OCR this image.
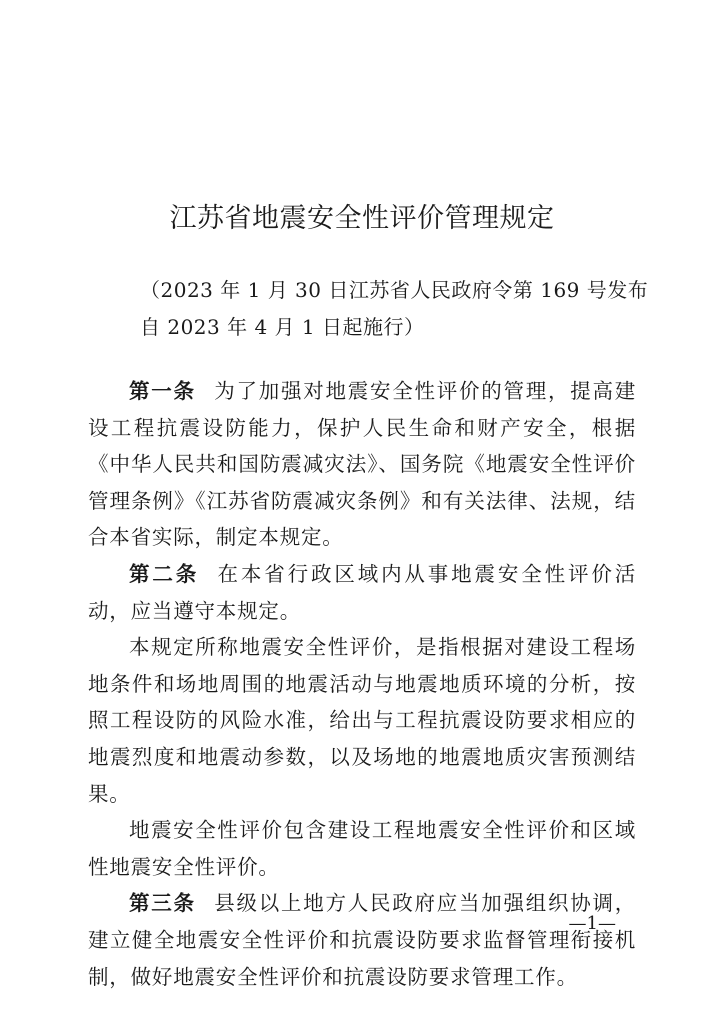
江苏省地震安全性评价管理规定
（2023 年 1 月 30 日江苏省人民政府令第 169 号发布
自 2023 年 4 月 1 日起施行）

第一条 为了加强对地震安全性评价的管理，提高建设工程抗震设防能力，保护人民生命和财产安全，根据《中华人民共和国防震减灾法》、国务院《地震安全性评价管理条例》《江苏省防震减灾条例》和有关法律、法规，结合本省实际，制定本规定。

第二条 在本省行政区域内从事地震安全性评价活动，应当遵守本规定。

本规定所称地震安全性评价，是指根据对建设工程场地条件和场地周围的地震活动与地震地质环境的分析，按照工程设防的风险水准，给出与工程抗震设防要求相应的地震烈度和地震动参数，以及场地的地震地质灾害预测结果。

地震安全性评价包含建设工程地震安全性评价和区域性地震安全性评价。

第三条 县级以上地方人民政府应当加强组织协调，建立健全地震安全性评价和抗震设防要求监督管理衔接机制，做好地震安全性评价和抗震设防要求管理工作。

—1—
